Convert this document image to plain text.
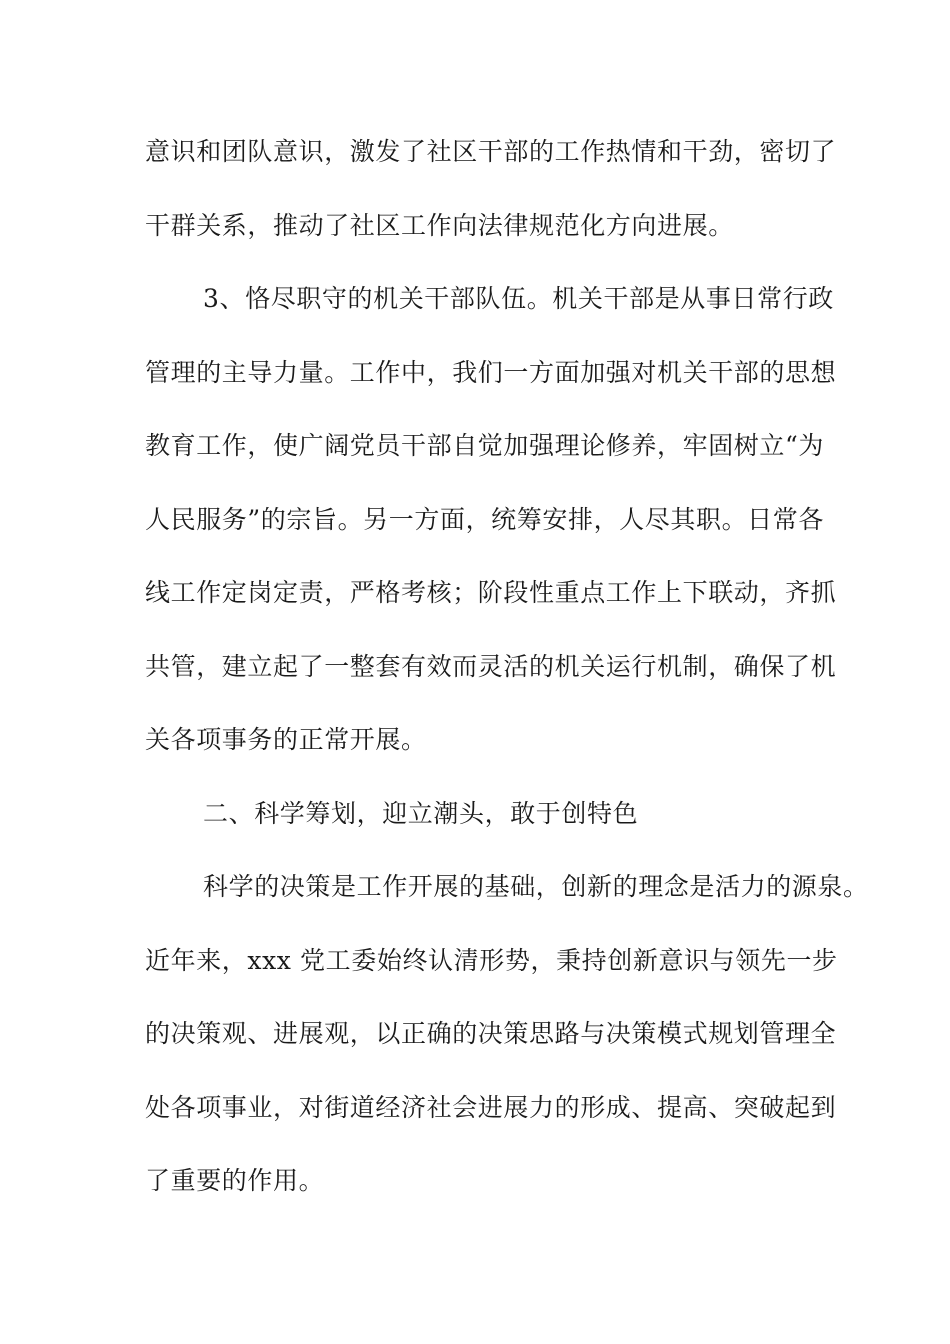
意识和团队意识，激发了社区干部的工作热情和干劲，密切了
干群关系，推动了社区工作向法律规范化方向进展。
3、恪尽职守的机关干部队伍。机关干部是从事日常行政
管理的主导力量。工作中，我们一方面加强对机关干部的思想
教育工作，使广阔党员干部自觉加强理论修养，牢固树立“为
人民服务”的宗旨。另一方面，统筹安排，人尽其职。日常各
线工作定岗定责，严格考核；阶段性重点工作上下联动，齐抓
共管，建立起了一整套有效而灵活的机关运行机制，确保了机
关各项事务的正常开展。
二、科学筹划，迎立潮头，敢于创特色
科学的决策是工作开展的基础，创新的理念是活力的源泉。
近年来，xxx 党工委始终认清形势，秉持创新意识与领先一步
的决策观、进展观，以正确的决策思路与决策模式规划管理全
处各项事业，对街道经济社会进展力的形成、提高、突破起到
了重要的作用。
